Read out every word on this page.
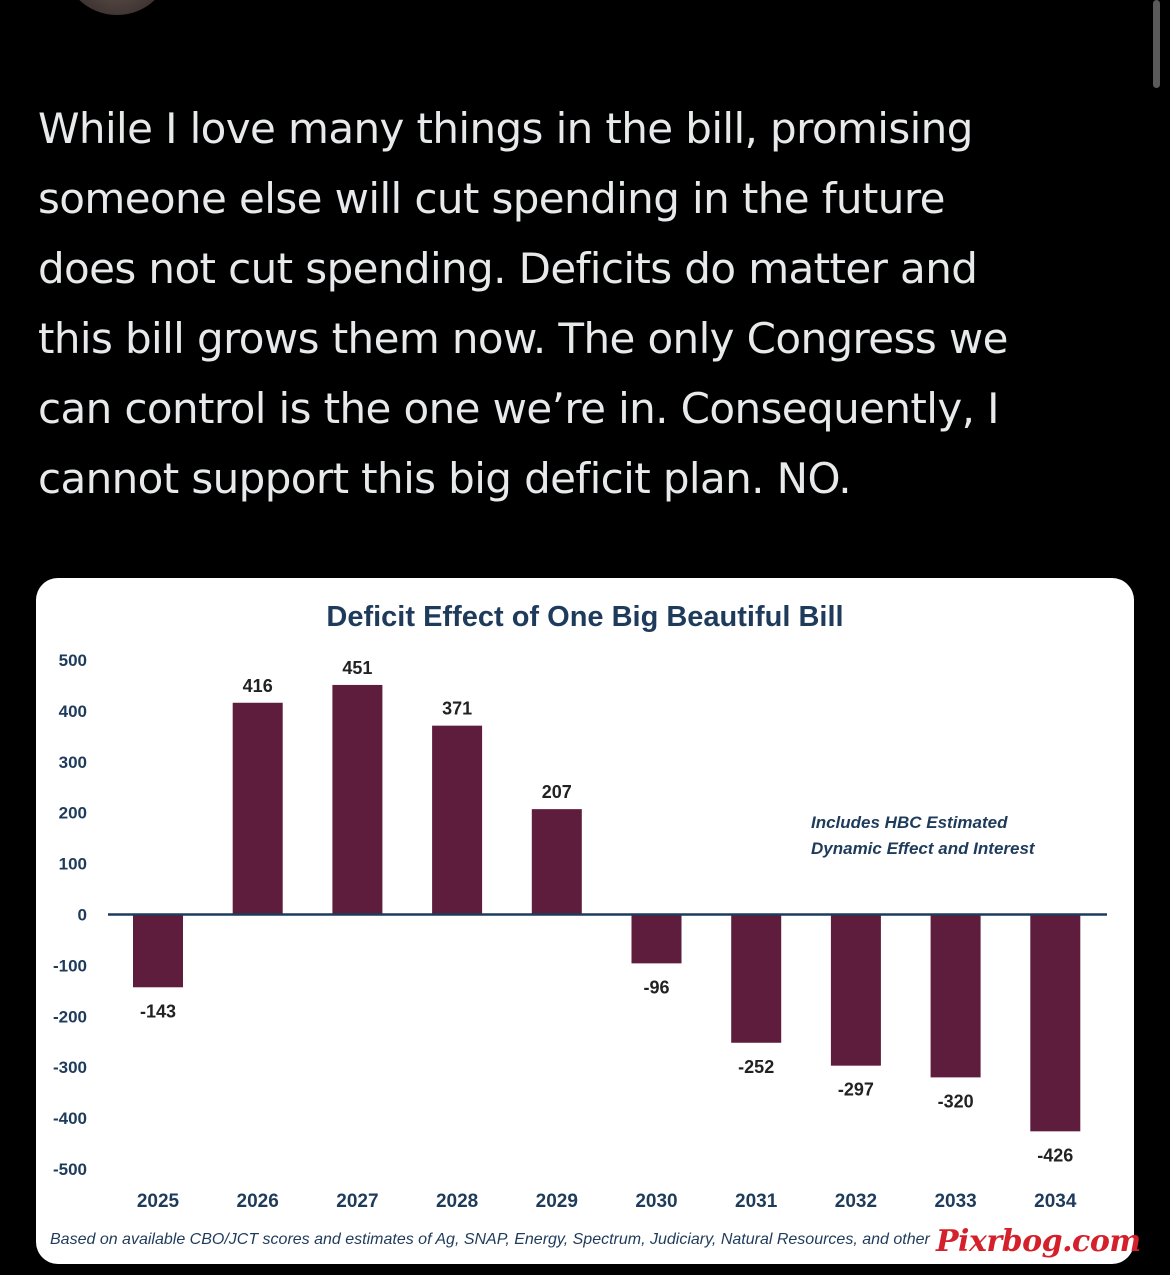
While I love many things in the bill, promising
someone else will cut spending in the future
does not cut spending. Deficits do matter and
this bill grows them now. The only Congress we
can control is the one we’re in. Consequently, I
cannot support this big deficit plan. NO.

Deficit Effect of One Big Beautiful Bill
500
400
300
200
100
0
-100
-200
-300
-400
-500
2025	2026	2027	2028	2029	2030	2031	2032	2033	2034
-143
416
451
371
207
-96
-252
-297
-320
-426
Includes HBC Estimated
Dynamic Effect and Interest
Based on available CBO/JCT scores and estimates of Ag, SNAP, Energy, Spectrum, Judiciary, Natural Resources, and other Pixrbog.com
